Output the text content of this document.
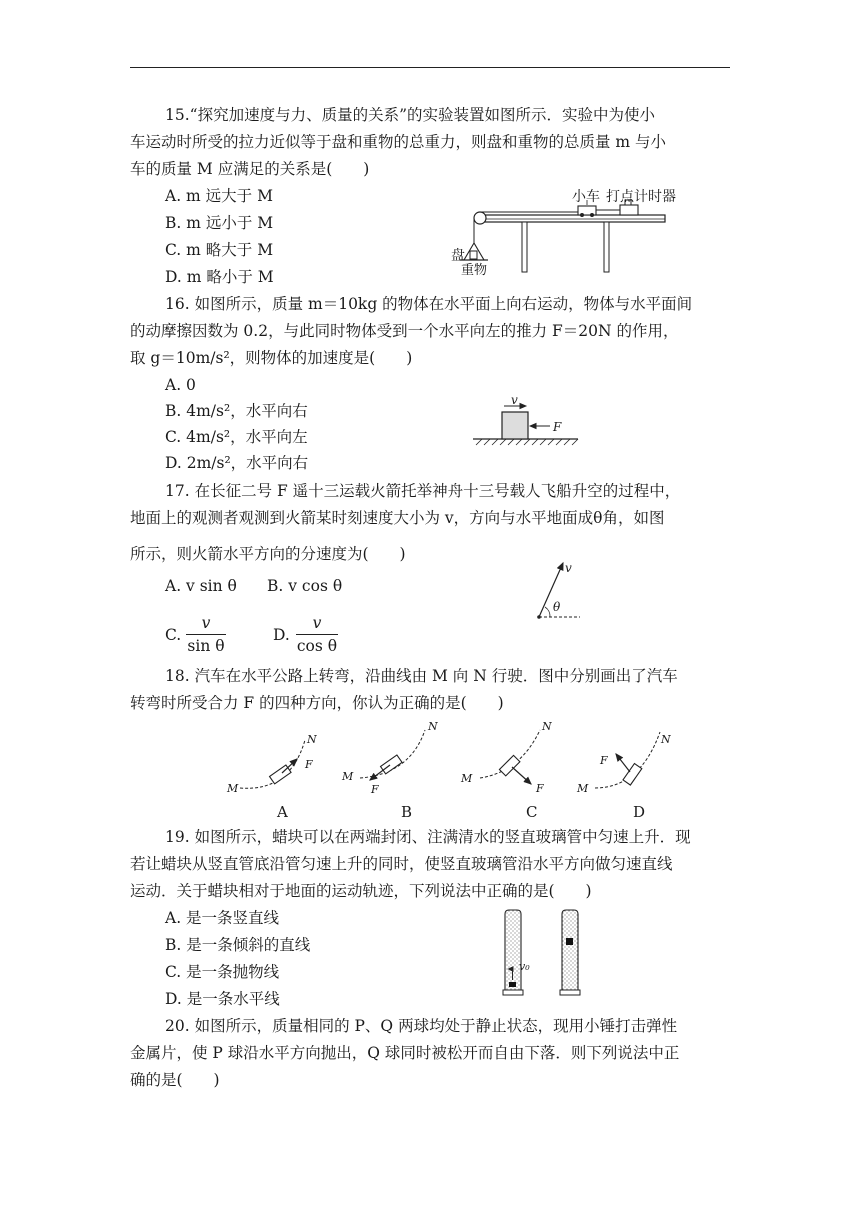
15.“探究加速度与力、质量的关系”的实验装置如图所示．实验中为使小
车运动时所受的拉力近似等于盘和重物的总重力，则盘和重物的总质量 m 与小
车的质量 M 应满足的关系是(　　)
A. m 远大于 M
B. m 远小于 M
C. m 略大于 M
D. m 略小于 M
小车 打点计时器
盘
重物
16. 如图所示，质量 m＝10kg 的物体在水平面上向右运动，物体与水平面间
的动摩擦因数为 0.2，与此同时物体受到一个水平向左的推力 F＝20N 的作用，
取 g＝10m/s²，则物体的加速度是(　　)
A. 0
B. 4m/s²，水平向右
C. 4m/s²，水平向左
D. 2m/s²，水平向右
v
F
17. 在长征二号 F 遥十三运载火箭托举神舟十三号载人飞船升空的过程中，
地面上的观测者观测到火箭某时刻速度大小为 v，方向与水平地面成θ角，如图
所示，则火箭水平方向的分速度为(　　)
A. v sin θ B. v cos θ
C.
v
sin θ
D.
v
cos θ
v
θ
18. 汽车在水平公路上转弯，沿曲线由 M 向 N 行驶．图中分别画出了汽车
转弯时所受合力 F 的四种方向，你认为正确的是(　　)
M
N
F
A
M
N
F
B
M
N
F
C
M
N
F
D
19. 如图所示，蜡块可以在两端封闭、注满清水的竖直玻璃管中匀速上升．现
若让蜡块从竖直管底沿管匀速上升的同时，使竖直玻璃管沿水平方向做匀速直线
运动．关于蜡块相对于地面的运动轨迹，下列说法中正确的是(　　)
A. 是一条竖直线
B. 是一条倾斜的直线
C. 是一条抛物线
D. 是一条水平线
v₀
20. 如图所示，质量相同的 P、Q 两球均处于静止状态，现用小锤打击弹性
金属片，使 P 球沿水平方向抛出，Q 球同时被松开而自由下落．则下列说法中正
确的是(　　)
